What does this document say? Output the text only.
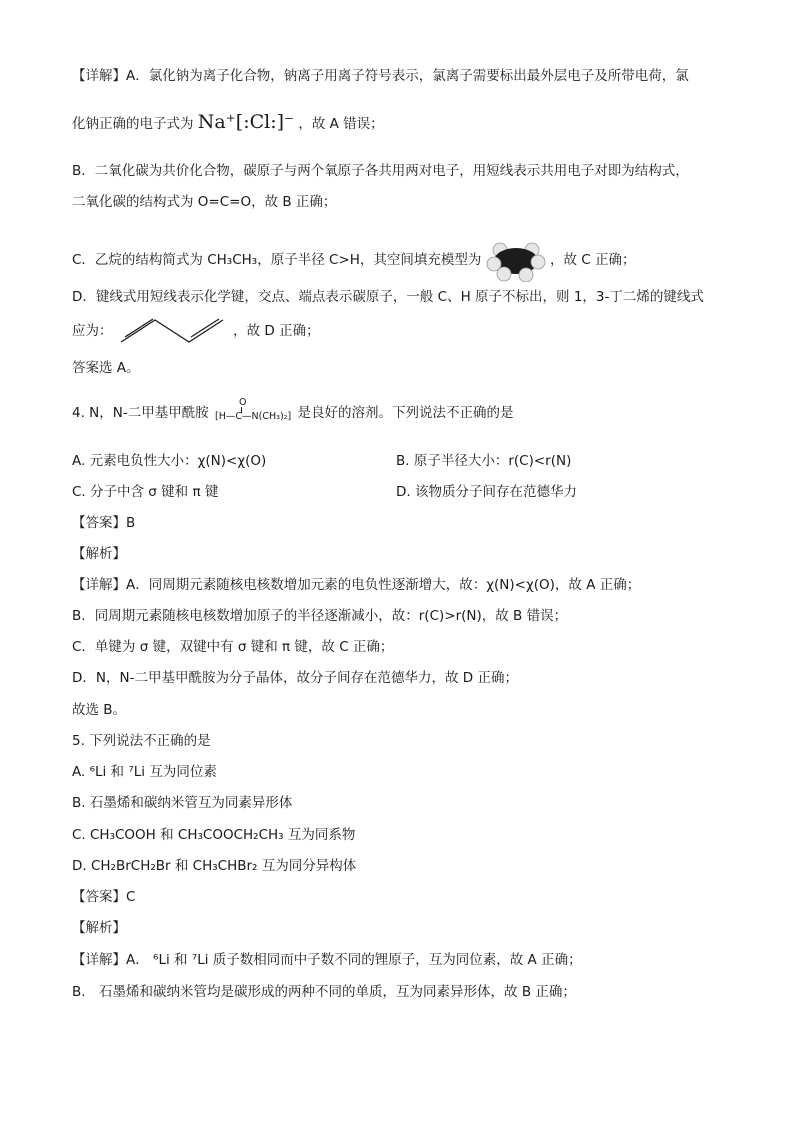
【详解】A．氯化钠为离子化合物，钠离子用离子符号表示，氯离子需要标出最外层电子及所带电荷，氯
化钠正确的电子式为 Na⁺[:Cl:]⁻ ，故 A 错误；
B．二氧化碳为共价化合物，碳原子与两个氧原子各共用两对电子，用短线表示共用电子对即为结构式，
二氧化碳的结构式为 O=C=O，故 B 正确；
C．乙烷的结构简式为 CH₃CH₃，原子半径 C>H，其空间填充模型为	，故 C 正确；
D．键线式用短线表示化学键，交点、端点表示碳原子，一般 C、H 原子不标出，则 1，3-丁二烯的键线式
应为：	，故 D 正确；
答案选 A。
4. N，N-二甲基甲酰胺
O
[H—C—N(CH₃)₂] 是良好的溶剂。下列说法不正确的是
A. 元素电负性大小：χ(N)<χ(O)	B. 原子半径大小：r(C)<r(N)
C. 分子中含 σ 键和 π 键	D. 该物质分子间存在范德华力
【答案】B
【解析】
【详解】A．同周期元素随核电核数增加元素的电负性逐渐增大，故：χ(N)<χ(O)，故 A 正确；
B．同周期元素随核电核数增加原子的半径逐渐减小，故：r(C)>r(N)，故 B 错误；
C．单键为 σ 键，双键中有 σ 键和 π 键，故 C 正确；
D．N，N-二甲基甲酰胺为分子晶体，故分子间存在范德华力，故 D 正确；
故选 B。
5. 下列说法不正确的是
A. ⁶Li 和 ⁷Li 互为同位素
B. 石墨烯和碳纳米管互为同素异形体
C. CH₃COOH 和 CH₃COOCH₂CH₃ 互为同系物
D. CH₂BrCH₂Br 和 CH₃CHBr₂ 互为同分异构体
【答案】C
【解析】
【详解】A． ⁶Li 和 ⁷Li 质子数相同而中子数不同的锂原子，互为同位素，故 A 正确；
B． 石墨烯和碳纳米管均是碳形成的两种不同的单质，互为同素异形体，故 B 正确；
